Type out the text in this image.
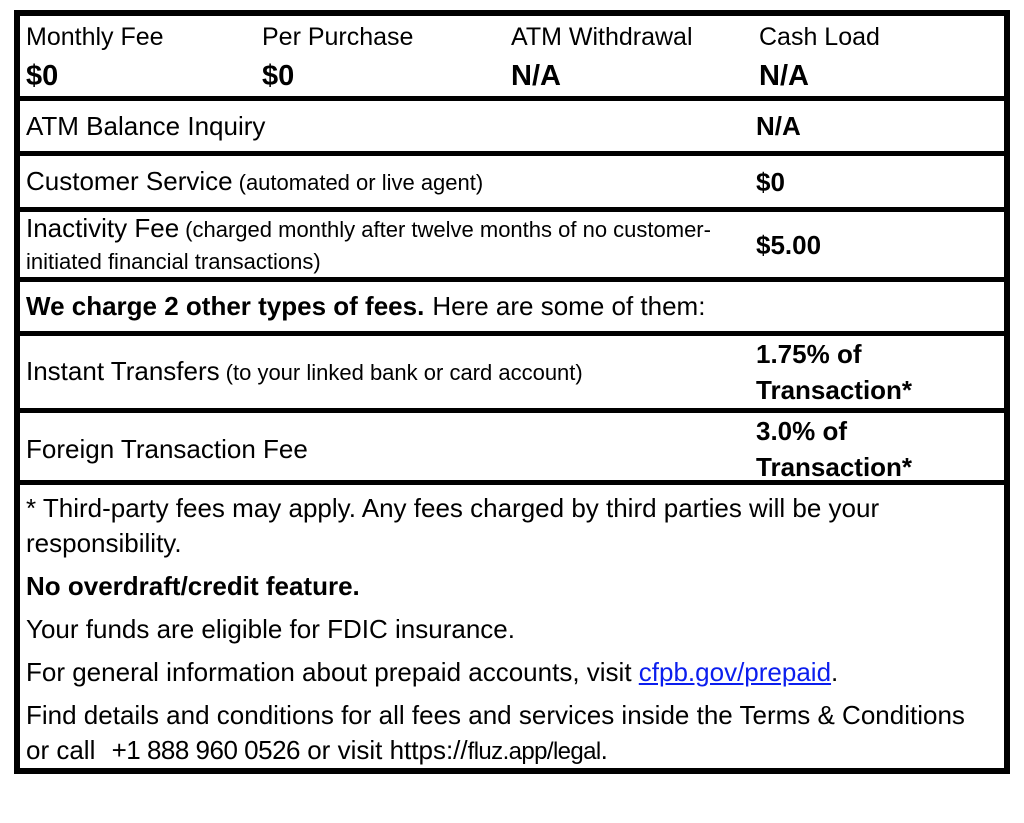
Monthly Fee
$0
Per Purchase
$0
ATM Withdrawal
N/A
Cash Load
N/A
ATM Balance Inquiry	N/A
Customer Service (automated or live agent)	$0
Inactivity Fee (charged monthly after twelve months of no customer-initiated financial transactions)
$5.00
We charge 2 other types of fees. Here are some of them:
Instant Transfers (to your linked bank or card account)
1.75% of Transaction*
Foreign Transaction Fee
3.0% of Transaction*

* Third-party fees may apply. Any fees charged by third parties will be your responsibility.

No overdraft/credit feature.

Your funds are eligible for FDIC insurance.

For general information about prepaid accounts, visit cfpb.gov/prepaid.

Find details and conditions for all fees and services inside the Terms & Conditions or call +1 888 960 0526 or visit https://fluz.app/legal.
